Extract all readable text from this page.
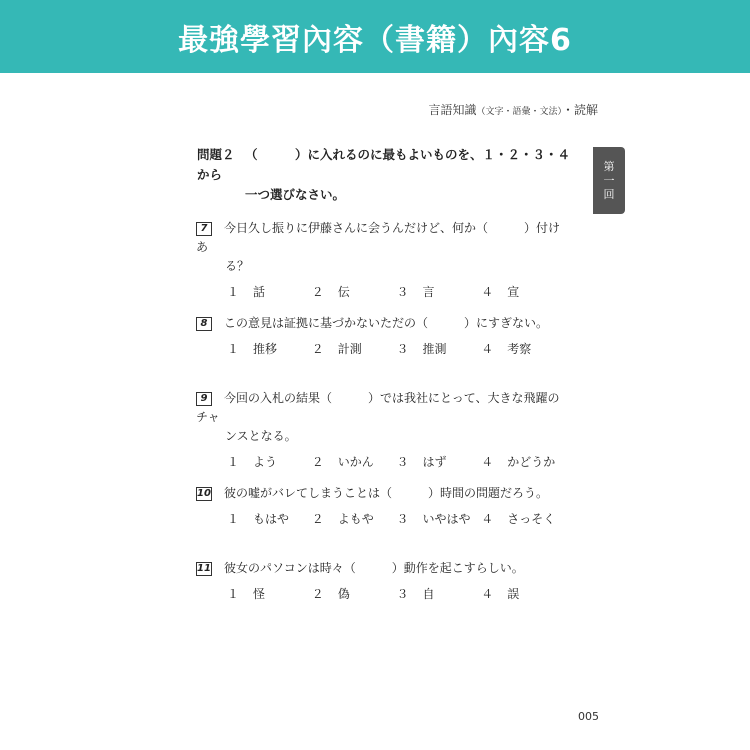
最強學習內容（書籍）內容6
言語知識（文字・語彙・文法）・読解
第
一
回
問題２ （　　　）に入れるのに最もよいものを、１・２・３・４から
一つ選びなさい。
7 今日久し振りに伊藤さんに会うんだけど、何か（　　　）付けあ
る？
１ 話	２ 伝	３ 言	４ 宣
8 この意見は証拠に基づかないただの（　　　）にすぎない。
１ 推移	２ 計測	３ 推測	４ 考察
9 今回の入札の結果（　　　）では我社にとって、大きな飛躍のチャ
ンスとなる。
１ よう	２ いかん	３ はず	４ かどうか
10 彼の嘘がバレてしまうことは（　　　）時間の問題だろう。
１ もはや	２ よもや	３ いやはや ４ さっそく
11 彼女のパソコンは時々（　　　）動作を起こすらしい。
１ 怪	２ 偽	３ 自	４ 誤
005
